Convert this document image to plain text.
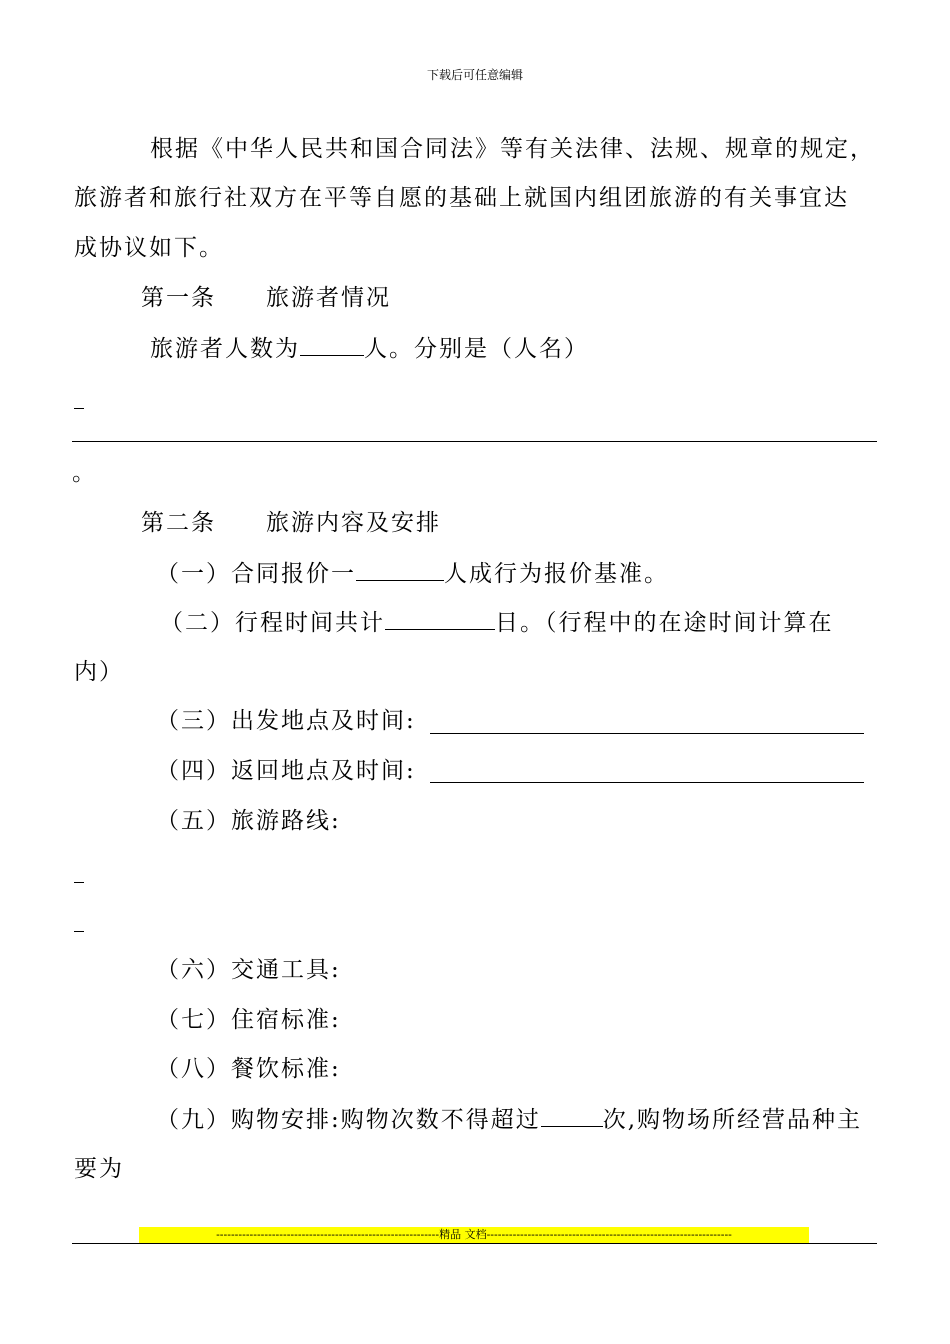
下载后可任意编辑
根据《中华人民共和国合同法》等有关法律、法规、规章的规定，
旅游者和旅行社双方在平等自愿的基础上就国内组团旅游的有关事宜达
成协议如下。
第一条　　旅游者情况
旅游者人数为	人。分别是（人名）
。
第二条　　旅游内容及安排
（一）合同报价一	人成行为报价基准。
（二）行程时间共计	日。（行程中的在途时间计算在
内）
（三）出发地点及时间:
（四）返回地点及时间:
（五）旅游路线:
（六）交通工具:
（七）住宿标准:
（八）餐饮标准:
（九）购物安排:购物次数不得超过	次,购物场所经营品种主
要为
------------------------------------------------------------精品 文档------------------------------------------------------------------
